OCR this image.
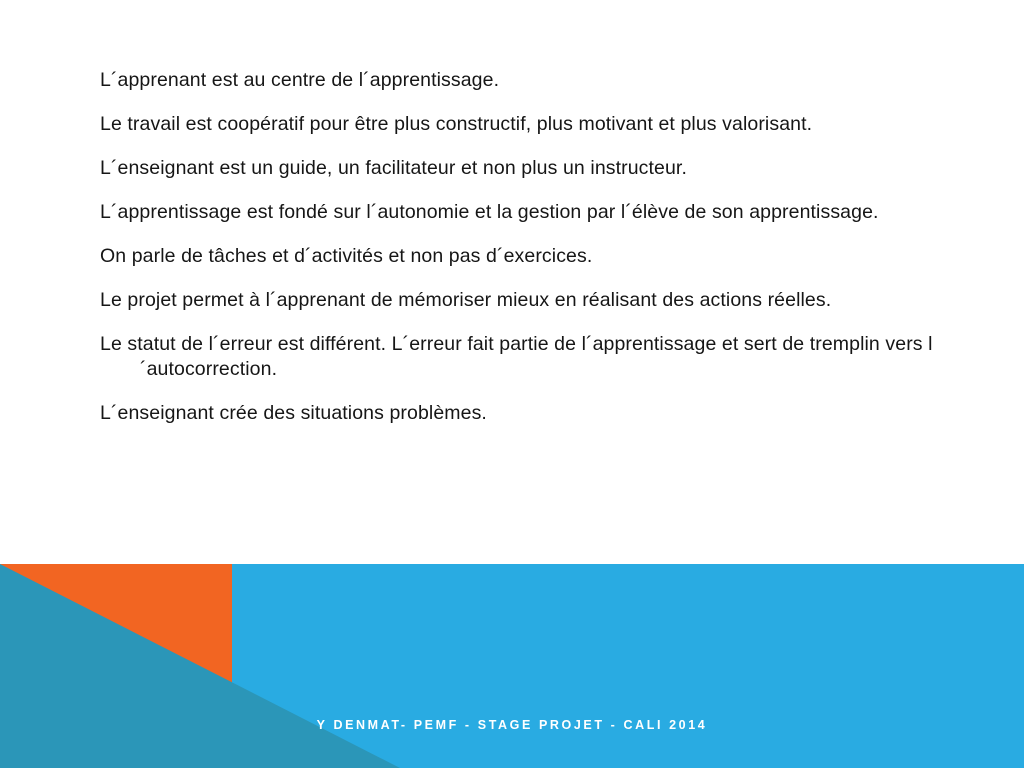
L´apprenant est au centre de l´apprentissage.

Le travail est coopératif pour être plus constructif, plus motivant et plus valorisant.

L´enseignant est un guide, un facilitateur et non plus un instructeur.

L´apprentissage est fondé sur l´autonomie et la gestion par l´élève de son apprentissage.

On parle de tâches et d´activités et non pas d´exercices.

Le projet permet à l´apprenant de mémoriser mieux en réalisant des actions réelles.

Le statut de l´erreur est différent. L´erreur fait partie de l´apprentissage et sert de tremplin vers l´autocorrection.

L´enseignant crée des situations problèmes.

Y DENMAT- PEMF - STAGE PROJET - CALI 2014
